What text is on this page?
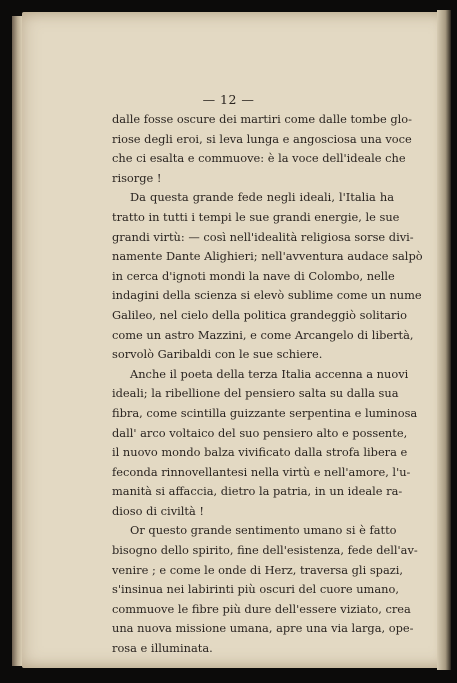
— 12 —
dalle fosse oscure dei martiri come dalle tombe glo-
riose degli eroi, si leva lunga e angosciosa una voce
che ci esalta e commuove: è la voce dell'ideale che
risorge !
Da questa grande fede negli ideali, l'Italia ha
tratto in tutti i tempi le sue grandi energie, le sue
grandi virtù: — così nell'idealità religiosa sorse divi-
namente Dante Alighieri; nell'avventura audace salpò
in cerca d'ignoti mondi la nave di Colombo, nelle
indagini della scienza si elevò sublime come un nume
Galileo, nel cielo della politica grandeggiò solitario
come un astro Mazzini, e come Arcangelo di libertà,
sorvolò Garibaldi con le sue schiere.
Anche il poeta della terza Italia accenna a nuovi
ideali; la ribellione del pensiero salta su dalla sua
fibra, come scintilla guizzante serpentina e luminosa
dall' arco voltaico del suo pensiero alto e possente,
il nuovo mondo balza vivificato dalla strofa libera e
feconda rinnovellantesi nella virtù e nell'amore, l'u-
manità si affaccia, dietro la patria, in un ideale ra-
dioso di civiltà !
Or questo grande sentimento umano si è fatto
bisogno dello spirito, fine dell'esistenza, fede dell'av-
venire ; e come le onde di Herz, traversa gli spazi,
s'insinua nei labirinti più oscuri del cuore umano,
commuove le fibre più dure dell'essere viziato, crea
una nuova missione umana, apre una via larga, ope-
rosa e illuminata.
